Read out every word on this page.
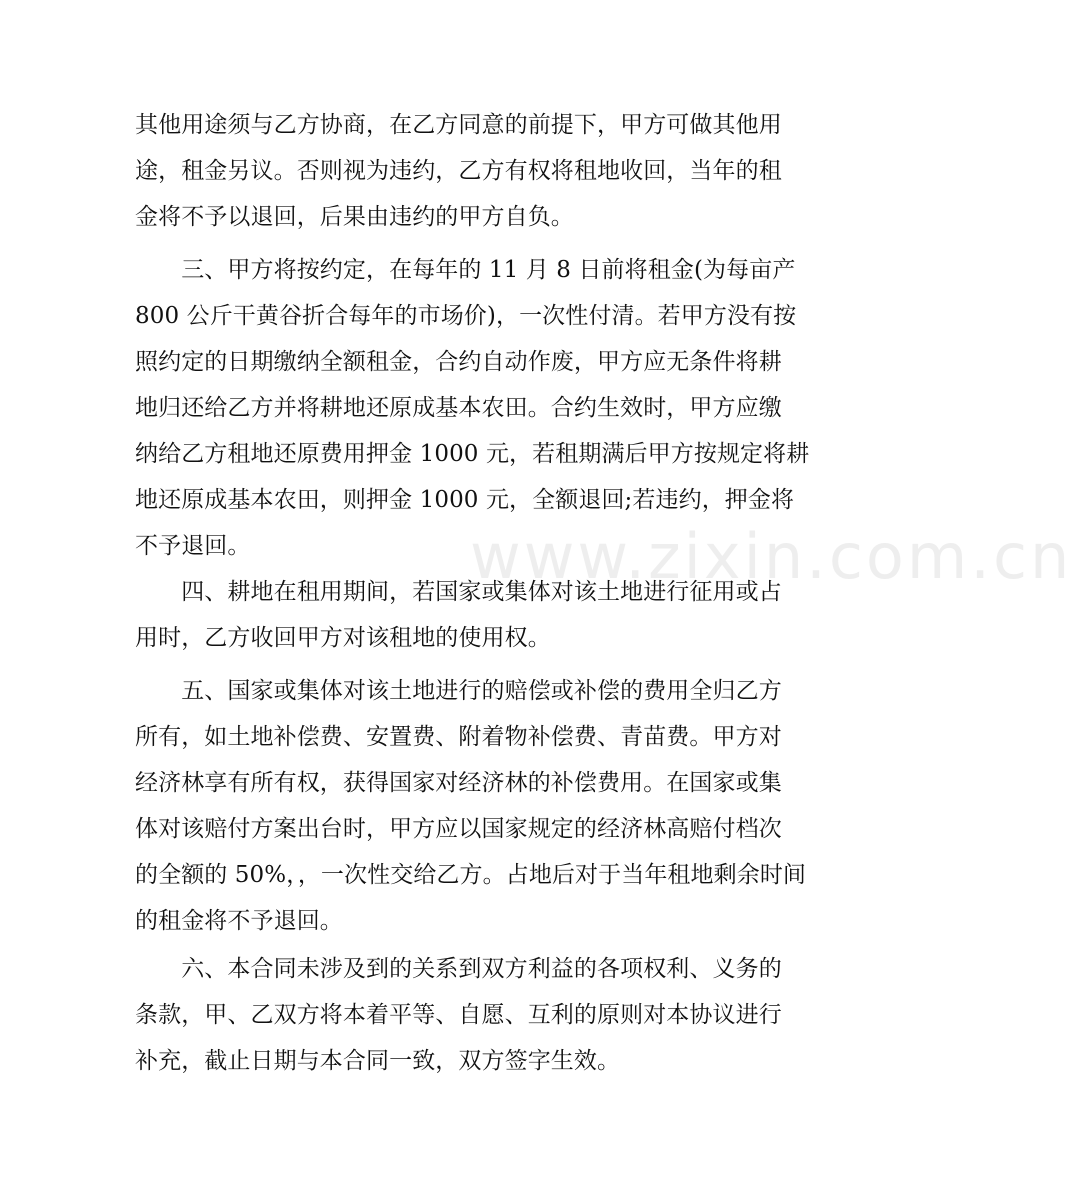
其他用途须与乙方协商，在乙方同意的前提下，甲方可做其他用
途，租金另议。否则视为违约，乙方有权将租地收回，当年的租
金将不予以退回，后果由违约的甲方自负。
　　三、甲方将按约定，在每年的 11 月 8 日前将租金(为每亩产
800 公斤干黄谷折合每年的市场价)，一次性付清。若甲方没有按
照约定的日期缴纳全额租金，合约自动作废，甲方应无条件将耕
地归还给乙方并将耕地还原成基本农田。合约生效时，甲方应缴
纳给乙方租地还原费用押金 1000 元，若租期满后甲方按规定将耕
地还原成基本农田，则押金 1000 元，全额退回;若违约，押金将
不予退回。
　　四、耕地在租用期间，若国家或集体对该土地进行征用或占
用时，乙方收回甲方对该租地的使用权。
　　五、国家或集体对该土地进行的赔偿或补偿的费用全归乙方
所有，如土地补偿费、安置费、附着物补偿费、青苗费。甲方对
经济林享有所有权，获得国家对经济林的补偿费用。在国家或集
体对该赔付方案出台时，甲方应以国家规定的经济林高赔付档次
的全额的 50%，，一次性交给乙方。占地后对于当年租地剩余时间
的租金将不予退回。
　　六、本合同未涉及到的关系到双方利益的各项权利、义务的
条款，甲、乙双方将本着平等、自愿、互利的原则对本协议进行
补充，截止日期与本合同一致，双方签字生效。
www.zixin.com.cn
